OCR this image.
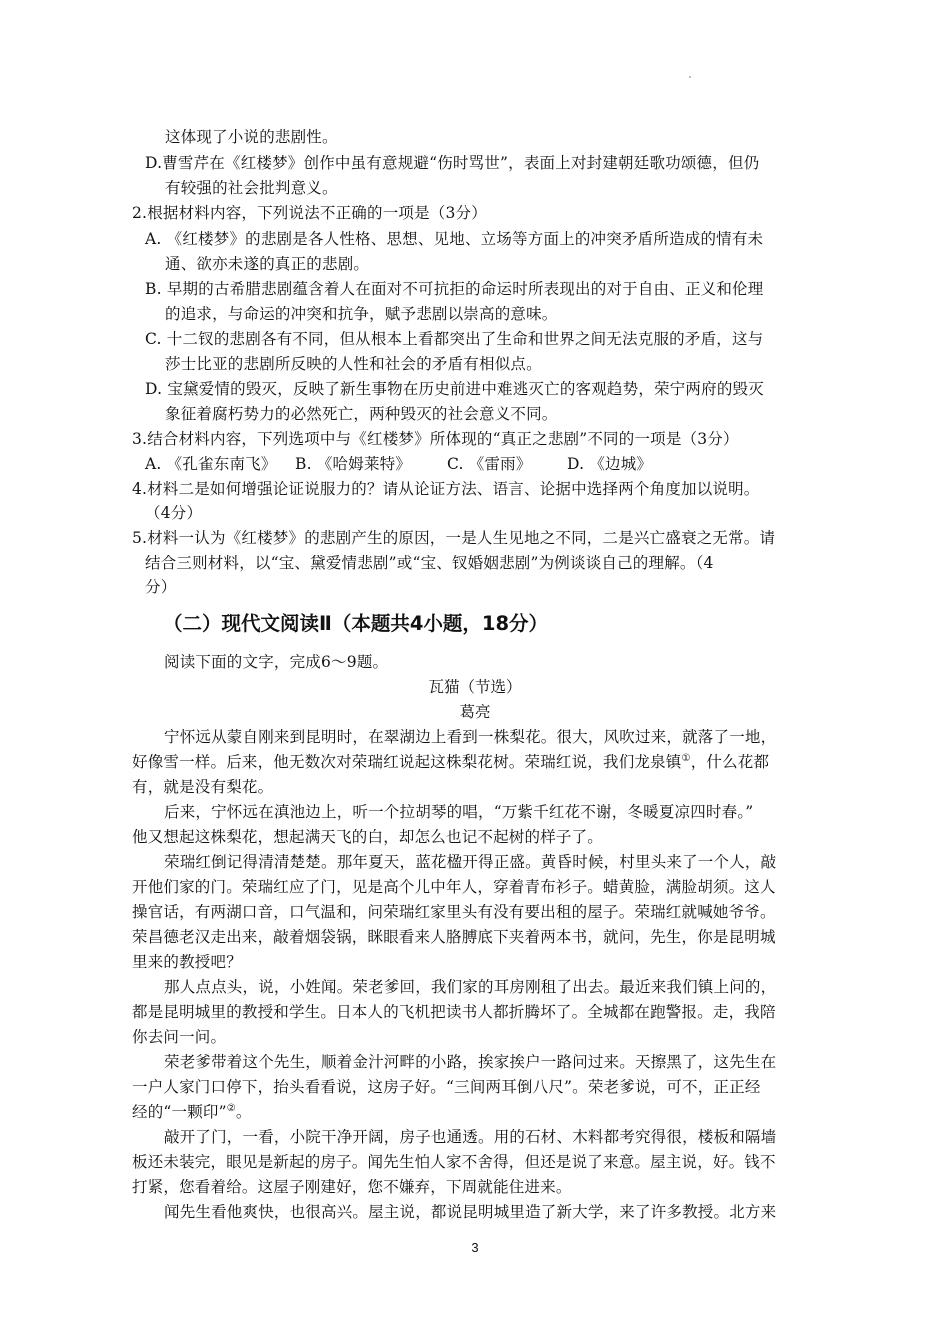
这体现了小说的悲剧性。
D.曹雪芹在《红楼梦》创作中虽有意规避“伤时骂世”，表面上对封建朝廷歌功颂德，但仍
有较强的社会批判意义。
2.根据材料内容，下列说法不正确的一项是（3分）
A. 《红楼梦》的悲剧是各人性格、思想、见地、立场等方面上的冲突矛盾所造成的情有未
通、欲亦未遂的真正的悲剧。
B. 早期的古希腊悲剧蕴含着人在面对不可抗拒的命运时所表现出的对于自由、正义和伦理
的追求，与命运的冲突和抗争，赋予悲剧以崇高的意味。
C. 十二钗的悲剧各有不同，但从根本上看都突出了生命和世界之间无法克服的矛盾，这与
莎士比亚的悲剧所反映的人性和社会的矛盾有相似点。
D. 宝黛爱情的毁灭，反映了新生事物在历史前进中难逃灭亡的客观趋势，荣宁两府的毁灭
象征着腐朽势力的必然死亡，两种毁灭的社会意义不同。
3.结合材料内容，下列选项中与《红楼梦》所体现的“真正之悲剧”不同的一项是（3分）
A. 《孔雀东南飞》 B. 《哈姆莱特》 C. 《雷雨》 D. 《边城》
4.材料二是如何增强论证说服力的？请从论证方法、语言、论据中选择两个角度加以说明。
（4分）
5.材料一认为《红楼梦》的悲剧产生的原因，一是人生见地之不同，二是兴亡盛衰之无常。请
结合三则材料，以“宝、黛爱情悲剧”或“宝、钗婚姻悲剧”为例谈谈自己的理解。（4
分）
（二）现代文阅读Ⅱ（本题共4小题，18分）
阅读下面的文字，完成6～9题。
瓦猫（节选）
葛亮
宁怀远从蒙自刚来到昆明时，在翠湖边上看到一株梨花。很大，风吹过来，就落了一地，
好像雪一样。后来，他无数次对荣瑞红说起这株梨花树。荣瑞红说，我们龙泉镇①，什么花都
有，就是没有梨花。
后来，宁怀远在滇池边上，听一个拉胡琴的唱，“万紫千红花不谢，冬暖夏凉四时春。”
他又想起这株梨花，想起满天飞的白，却怎么也记不起树的样子了。
荣瑞红倒记得清清楚楚。那年夏天，蓝花楹开得正盛。黄昏时候，村里头来了一个人，敲
开他们家的门。荣瑞红应了门，见是高个儿中年人，穿着青布衫子。蜡黄脸，满脸胡须。这人
操官话，有两湖口音，口气温和，问荣瑞红家里头有没有要出租的屋子。荣瑞红就喊她爷爷。
荣昌德老汉走出来，敲着烟袋锅，眯眼看来人胳膊底下夹着两本书，就问，先生，你是昆明城
里来的教授吧？
那人点点头，说，小姓闻。荣老爹回，我们家的耳房刚租了出去。最近来我们镇上问的，
都是昆明城里的教授和学生。日本人的飞机把读书人都折腾坏了。全城都在跑警报。走，我陪
你去问一问。
荣老爹带着这个先生，顺着金汁河畔的小路，挨家挨户一路问过来。天擦黑了，这先生在
一户人家门口停下，抬头看看说，这房子好。“三间两耳倒八尺”。荣老爹说，可不，正正经
经的“一颗印”②。
敲开了门，一看，小院干净开阔，房子也通透。用的石材、木料都考究得很，楼板和隔墙
板还未装完，眼见是新起的房子。闻先生怕人家不舍得，但还是说了来意。屋主说，好。钱不
打紧，您看着给。这屋子刚建好，您不嫌弃，下周就能住进来。
闻先生看他爽快，也很高兴。屋主说，都说昆明城里造了新大学，来了许多教授。北方来
3
